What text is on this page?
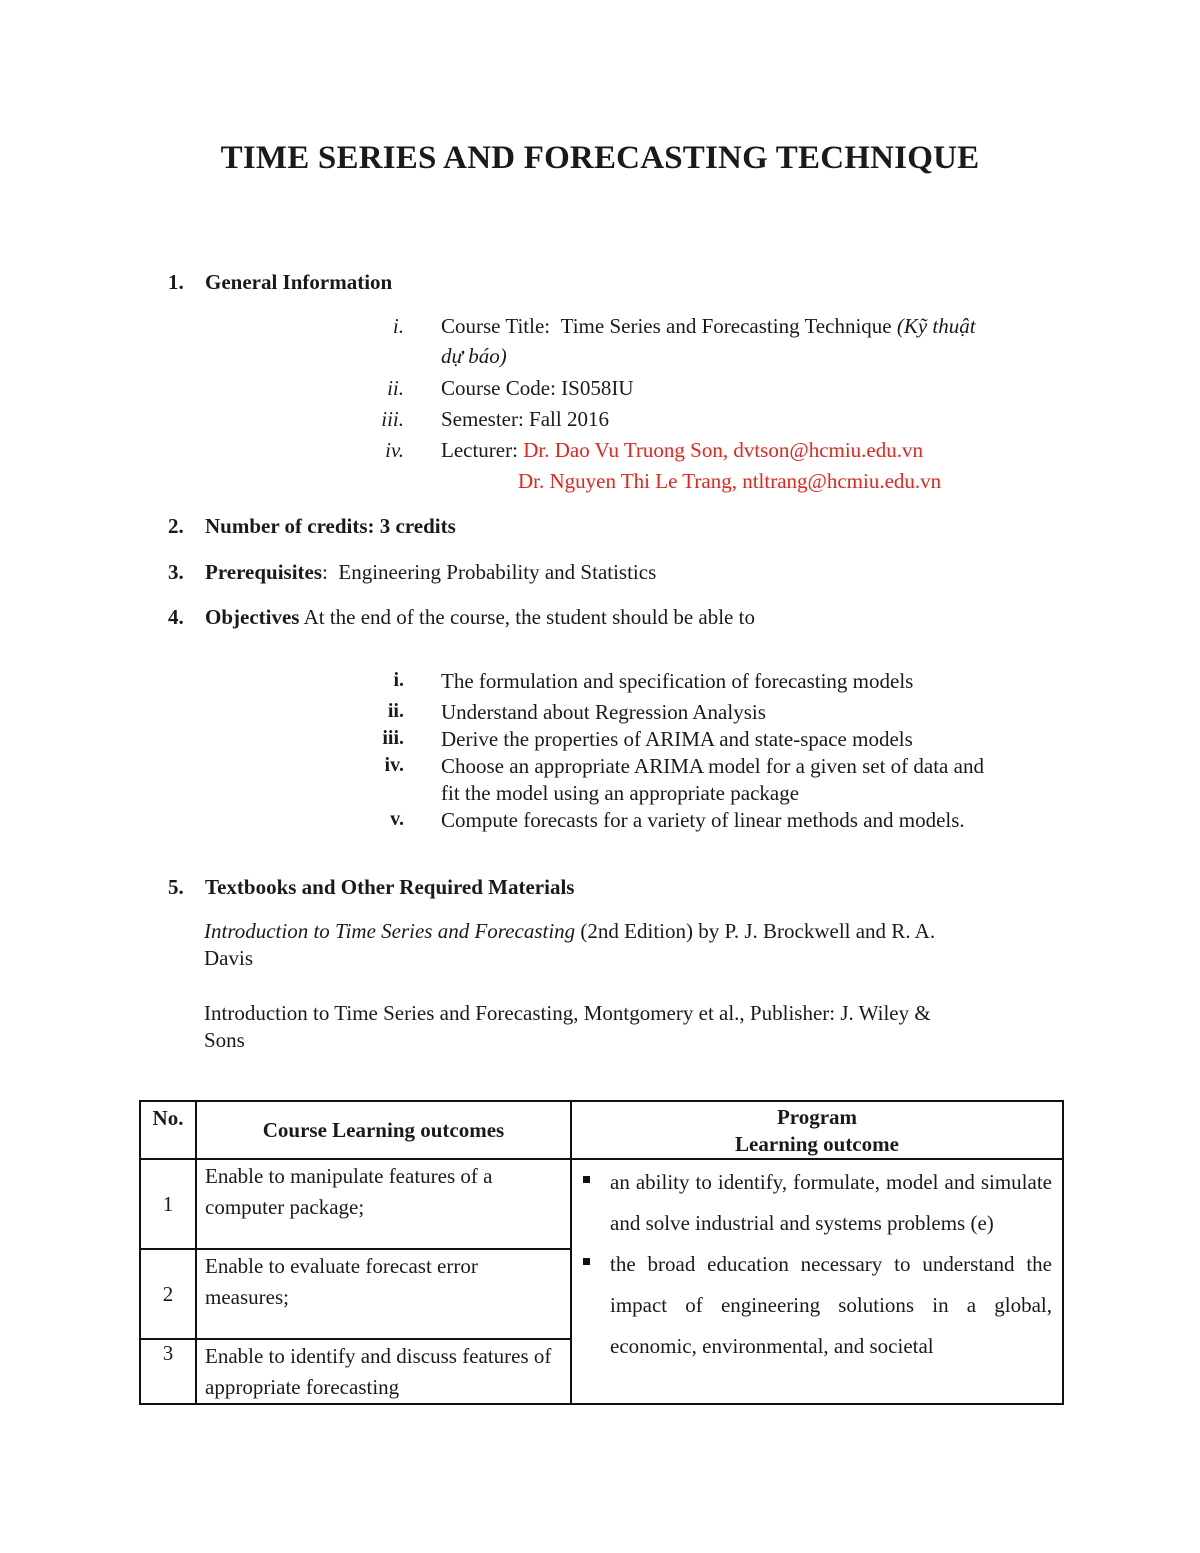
TIME SERIES AND FORECASTING TECHNIQUE
1. General Information
i. Course Title: Time Series and Forecasting Technique (Kỹ thuật
dự báo)
ii. Course Code: IS058IU
iii. Semester: Fall 2016
iv. Lecturer: Dr. Dao Vu Truong Son, dvtson@hcmiu.edu.vn
Dr. Nguyen Thi Le Trang, ntltrang@hcmiu.edu.vn
2. Number of credits: 3 credits
3. Prerequisites: Engineering Probability and Statistics
4. Objectives At the end of the course, the student should be able to
i. The formulation and specification of forecasting models
ii. Understand about Regression Analysis
iii. Derive the properties of ARIMA and state-space models
iv. Choose an appropriate ARIMA model for a given set of data and
fit the model using an appropriate package
v. Compute forecasts for a variety of linear methods and models.
5. Textbooks and Other Required Materials
Introduction to Time Series and Forecasting (2nd Edition) by P. J. Brockwell and R. A.
Davis
Introduction to Time Series and Forecasting, Montgomery et al., Publisher: J. Wiley &
Sons
No.	Course Learning outcomes	Program
Learning outcome

1	Enable to manipulate features of a computer package;	an ability to identify, formulate, model and simulate and solve industrial and systems problems (e)
the broad education necessary to understand the impact of engineering solutions in a global, economic, environmental, and societal

2	Enable to evaluate forecast error measures;	
3	Enable to identify and discuss features of appropriate forecasting	
